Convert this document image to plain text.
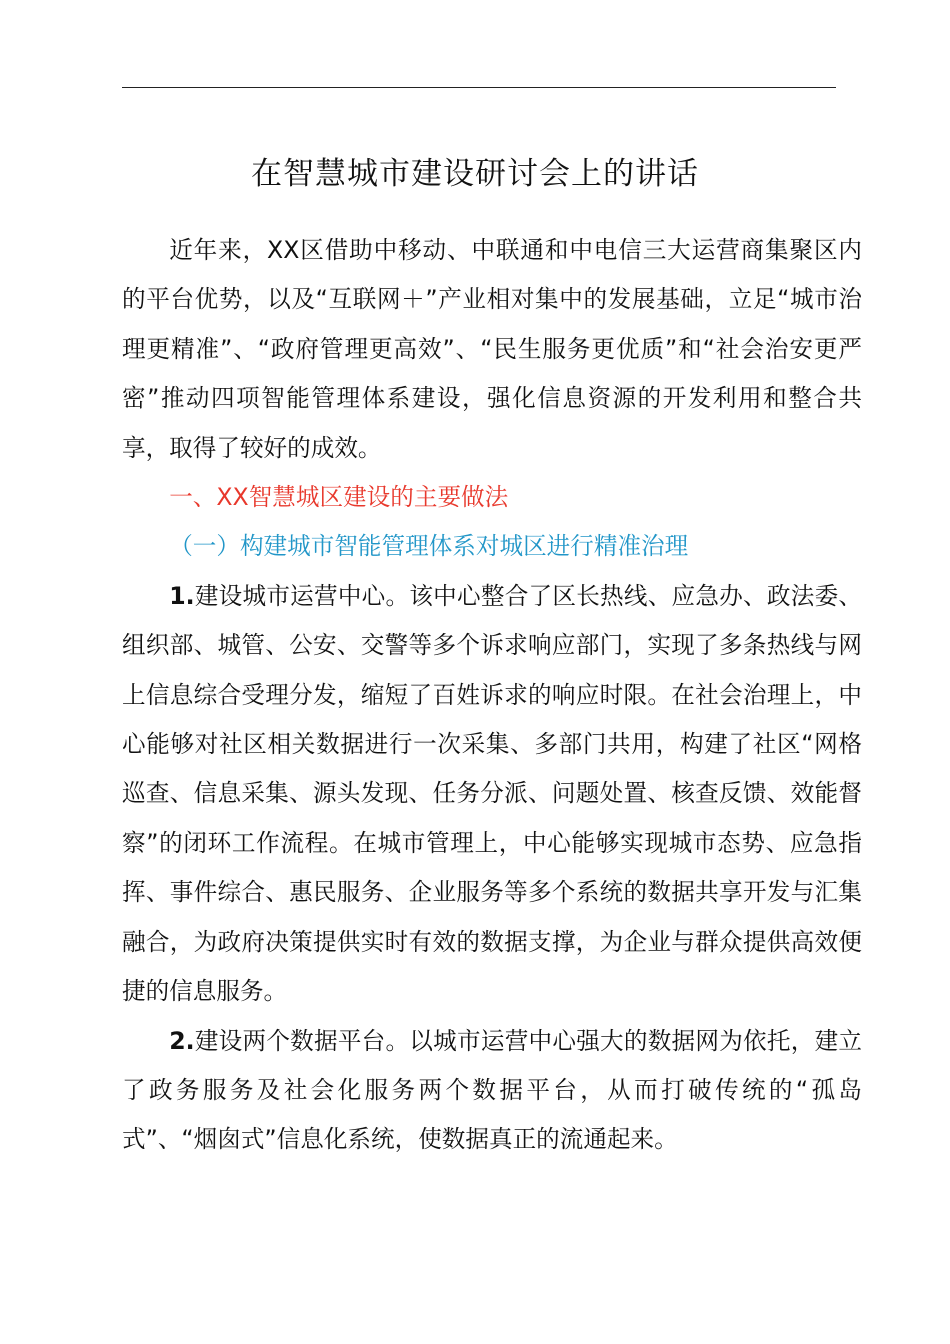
在智慧城市建设研讨会上的讲话

近年来，XX区借助中移动、中联通和中电信三大运营商集聚区内的平台优势，以及“互联网＋”产业相对集中的发展基础，立足“城市治理更精准”、“政府管理更高效”、“民生服务更优质”和“社会治安更严密”推动四项智能管理体系建设，强化信息资源的开发利用和整合共享，取得了较好的成效。

一、XX智慧城区建设的主要做法

（一）构建城市智能管理体系对城区进行精准治理

1.建设城市运营中心。该中心整合了区长热线、应急办、政法委、组织部、城管、公安、交警等多个诉求响应部门，实现了多条热线与网上信息综合受理分发，缩短了百姓诉求的响应时限。在社会治理上，中心能够对社区相关数据进行一次采集、多部门共用，构建了社区“网格巡查、信息采集、源头发现、任务分派、问题处置、核查反馈、效能督察”的闭环工作流程。在城市管理上，中心能够实现城市态势、应急指挥、事件综合、惠民服务、企业服务等多个系统的数据共享开发与汇集融合，为政府决策提供实时有效的数据支撑，为企业与群众提供高效便捷的信息服务。

2.建设两个数据平台。以城市运营中心强大的数据网为依托，建立了政务服务及社会化服务两个数据平台，从而打破传统的“孤岛式”、“烟囱式”信息化系统，使数据真正的流通起来。
